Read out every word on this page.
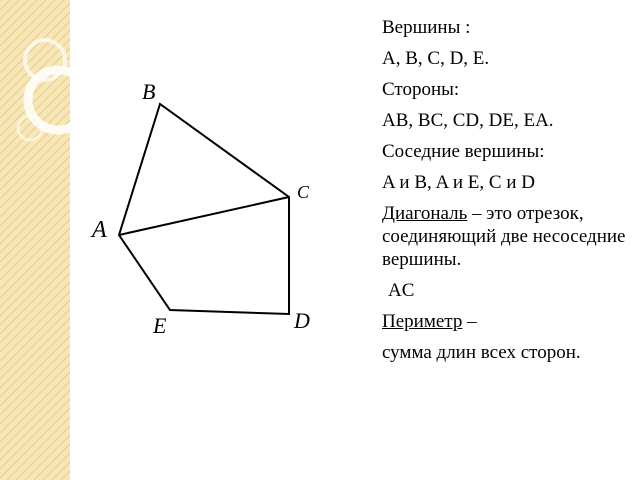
B
C
A
D
E
Вершины :
A, B, C, D, E.
Стороны:
AB, BC, CD, DE, EA.
Соседние вершины:
A и B, A и E, C и D
Диагональ – это отрезок, соединяющий две несоседние вершины.
AC
Периметр –
сумма длин всех сторон.
